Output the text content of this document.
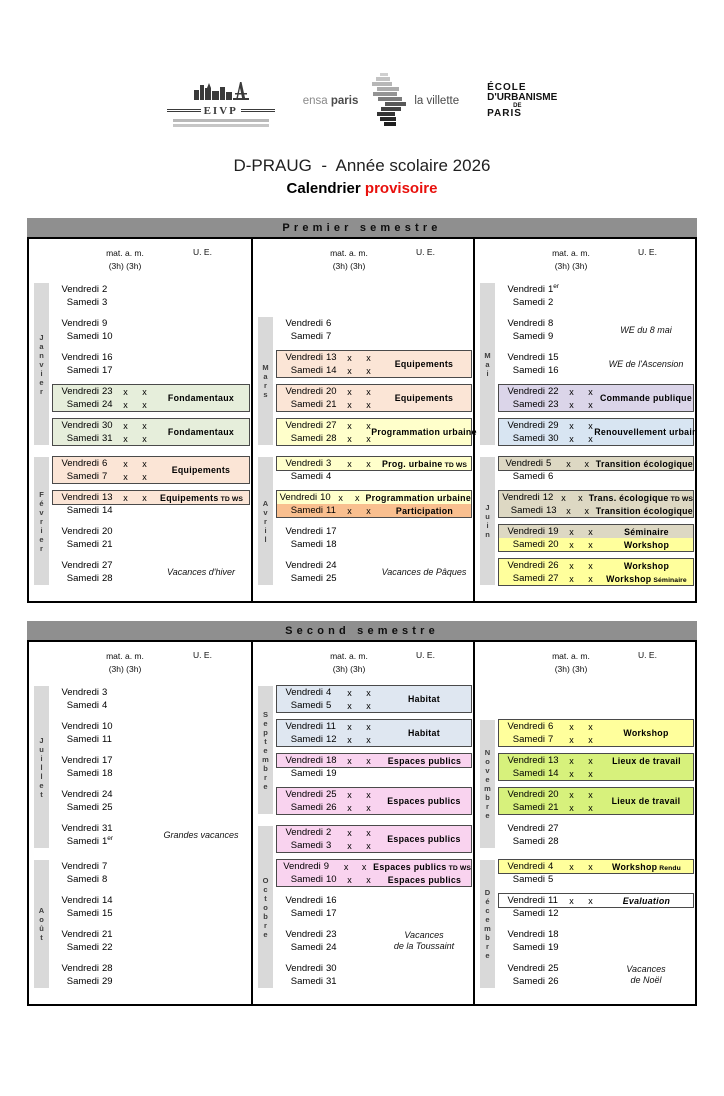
EIVP
ensa paris	la villette
ÉCOLE
D'URBANISME
DE
PARIS
D-PRAUG  -  Année scolaire 2026
Calendrier provisoire
Premier semestre
mat. a. m.
(3h) (3h)
U. E.
J
a
n
v
i
e
r
Vendredi 2
Samedi 3
Vendredi 9
Samedi 10
Vendredi 16
Samedi 17
Vendredi 23	x	x
Samedi 24	x	x
Fondamentaux
Vendredi 30	x	x
Samedi 31	x	x
Fondamentaux
F
é
v
r
i
e
r
Vendredi 6	x	x
Samedi 7	x	x
Equipements
Vendredi 13	x	x	Equipements TD WS
Samedi 14
Vendredi 20
Samedi 21
Vendredi 27
Samedi 28
Vacances d'hiver
mat. a. m.
(3h) (3h)
U. E.
M
a
r
s
Vendredi 6
Samedi 7
Vendredi 13	x	x
Samedi 14	x	x
Equipements
Vendredi 20	x	x
Samedi 21	x	x
Equipements
Vendredi 27	x	x
Samedi 28	x	x
Programmation urbaine
A
v
r
i
l
Vendredi 3	x	x	Prog. urbaine TD WS
Samedi 4
Vendredi 10 x	x Programmation urbaine
Samedi 11	x	x	Participation
Vendredi 17
Samedi 18
Vendredi 24
Samedi 25
Vacances de Pâques
mat. a. m.
(3h) (3h)
U. E.
M
a
i
Vendredi 1er
Samedi 2
Vendredi 8
Samedi 9
WE du 8 mai
Vendredi 15
Samedi 16
WE de l'Ascension
Vendredi 22	x	x
Samedi 23	x	x
Commande publique
Vendredi 29	x	x
Samedi 30	x	x
Renouvellement urbain
J
u
i
n
Vendredi 5	x	x Transition écologique
Samedi 6
Vendredi 12 x	x Trans. écologique TD WS
Samedi 13	x	x Transition écologique
Vendredi 19	x	x	Séminaire
Samedi 20	x	x	Workshop
Vendredi 26	x	x	Workshop
Samedi 27	x	x	Workshop Séminaire
Second semestre
mat. a. m.
(3h) (3h)
U. E.
J
u
i
l
l
e
t
Vendredi 3
Samedi 4
Vendredi 10
Samedi 11
Vendredi 17
Samedi 18
Vendredi 24
Samedi 25
Vendredi 31
Samedi 1er	Grandes vacances
A
o
û
t
Vendredi 7
Samedi 8
Vendredi 14
Samedi 15
Vendredi 21
Samedi 22
Vendredi 28
Samedi 29
mat. a. m.
(3h) (3h)
U. E.
S
e
p
t
e
m
b
r
e
Vendredi 4	x	x
Samedi 5	x	x
Habitat
Vendredi 11	x	x
Samedi 12	x	x
Habitat
Vendredi 18	x	x	Espaces publics
Samedi 19
Vendredi 25	x	x
Samedi 26	x	x
Espaces publics
O
c
t
o
b
r
e
Vendredi 2	x	x
Samedi 3	x	x
Espaces publics
Vendredi 9	x	x Espaces publics TD WS
Samedi 10	x	x	Espaces publics
Vendredi 16
Samedi 17
Vendredi 23
Samedi 24
Vacances
de la Toussaint
Vendredi 30
Samedi 31
mat. a. m.
(3h) (3h)
U. E.
N
o
v
e
m
b
r
e
Vendredi 6	x	x
Samedi 7	x	x
Workshop
Vendredi 13	x	x	Lieux de travail
Samedi 14	x	x
Vendredi 20	x	x
Samedi 21	x	x
Lieux de travail
Vendredi 27
Samedi 28
D
é
c
e
m
b
r
e
Vendredi 4	x	x	Workshop Rendu
Samedi 5
Vendredi 11	x	x	Evaluation
Samedi 12
Vendredi 18
Samedi 19
Vendredi 25
Samedi 26
Vacances
de Noël
